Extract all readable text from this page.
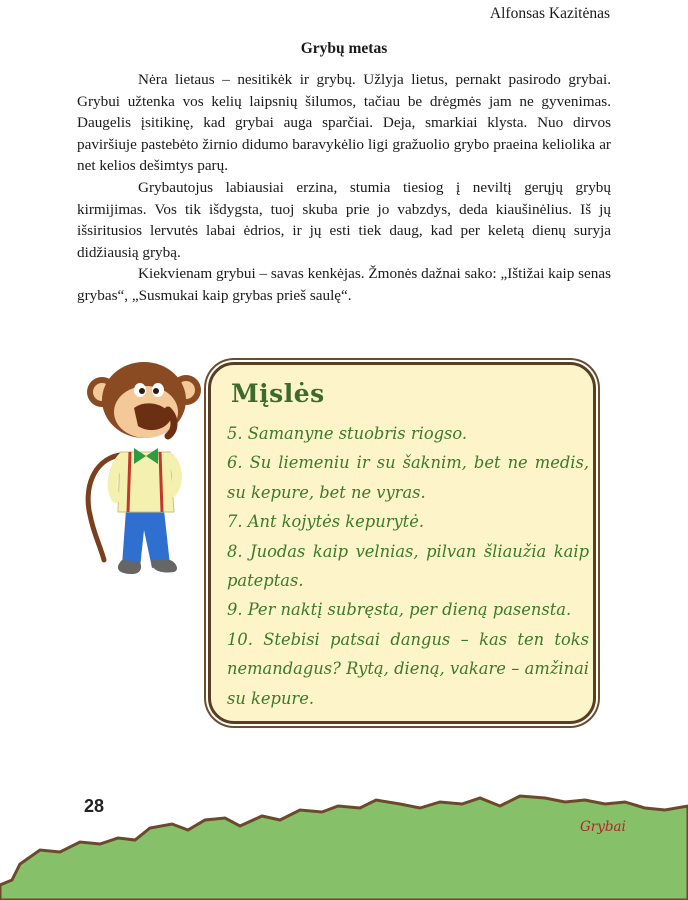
Alfonsas Kazitėnas
Grybų metas

Nėra lietaus – nesitikėk ir grybų. Užlyja lietus, pernakt pasirodo grybai. Grybui užtenka vos kelių laipsnių šilumos, tačiau be drėgmės jam ne gyvenimas. Daugelis įsitikinę, kad grybai auga sparčiai. Deja, smarkiai klysta. Nuo dirvos paviršiuje pastebėto žirnio didumo baravykėlio ligi gražuolio grybo praeina keliolika ar net kelios dešimtys parų.

Grybautojus labiausiai erzina, stumia tiesiog į neviltį gerųjų grybų kirmijimas. Vos tik išdygsta, tuoj skuba prie jo vabzdys, deda kiaušinėlius. Iš jų išsiritusios lervutės labai ėdrios, ir jų esti tiek daug, kad per keletą dienų suryja didžiausią grybą.

Kiekvienam grybui – savas kenkėjas. Žmonės dažnai sako: „Ištižai kaip senas grybas“, „Susmukai kaip grybas prieš saulę“.

Mįslės
5. Samanyne stuobris riogso.
6. Su liemeniu ir su šaknim, bet ne medis, su kepure, bet ne vyras.
7. Ant kojytės kepurytė.
8. Juodas kaip velnias, pilvan šliaužia kaip pateptas.
9. Per naktį subręsta, per dieną pasensta.
10. Stebisi patsai dangus – kas ten toks nemandagus? Rytą, dieną, vakare – amžinai su kepure.
28
Grybai
